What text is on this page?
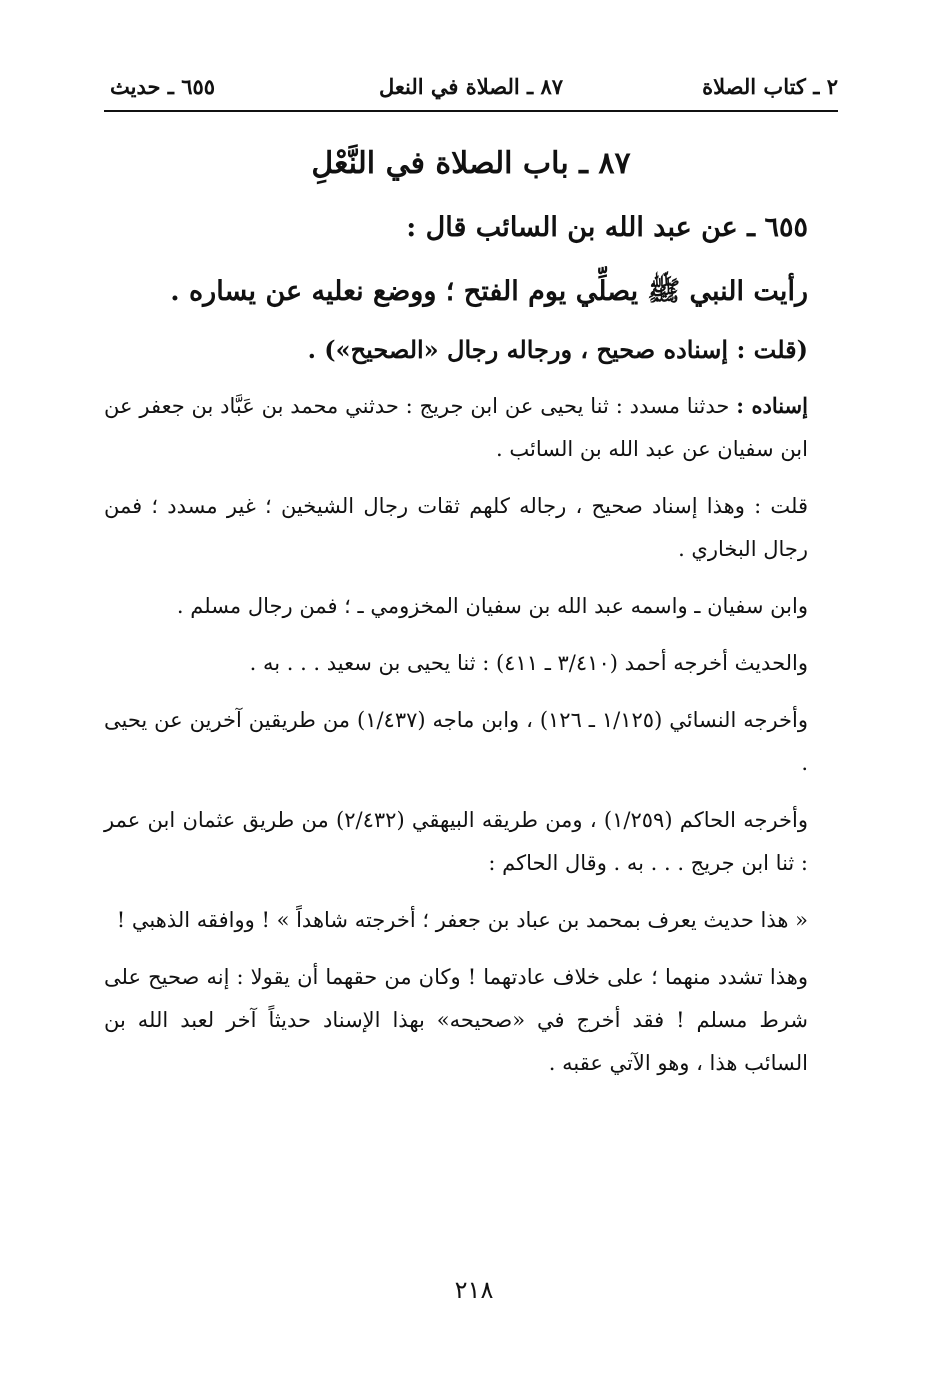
٢ ـ كتاب الصلاة
٨٧ ـ الصلاة في النعل
٦٥٥ ـ حديث
٨٧ ـ باب الصلاة في النَّعْلِ
٦٥٥ ـ عن عبد الله بن السائب قال :
رأيت النبي ﷺ يصلِّي يوم الفتح ؛ ووضع نعليه عن يساره .
(قلت : إسناده صحيح ، ورجاله رجال «الصحيح») .
إسناده : حدثنا مسدد : ثنا يحيى عن ابن جريج : حدثني محمد بن عَبَّاد بن جعفر عن ابن سفيان عن عبد الله بن السائب .
قلت : وهذا إسناد صحيح ، رجاله كلهم ثقات رجال الشيخين ؛ غير مسدد ؛ فمن رجال البخاري .
وابن سفيان ـ واسمه عبد الله بن سفيان المخزومي ـ ؛ فمن رجال مسلم .
والحديث أخرجه أحمد (٣/٤١٠ ـ ٤١١) : ثنا يحيى بن سعيد . . . به .
وأخرجه النسائي (١/١٢٥ ـ ١٢٦) ، وابن ماجه (١/٤٣٧) من طريقين آخرين عن يحيى .
وأخرجه الحاكم (١/٢٥٩) ، ومن طريقه البيهقي (٢/٤٣٢) من طريق عثمان ابن عمر : ثنا ابن جريج . . . به . وقال الحاكم :
« هذا حديث يعرف بمحمد بن عباد بن جعفر ؛ أخرجته شاهداً » ! ووافقه الذهبي !
وهذا تشدد منهما ؛ على خلاف عادتهما ! وكان من حقهما أن يقولا : إنه صحيح على شرط مسلم ! فقد أخرج في «صحيحه» بهذا الإسناد حديثاً آخر لعبد الله بن السائب هذا ، وهو الآتي عقبه .
٢١٨
